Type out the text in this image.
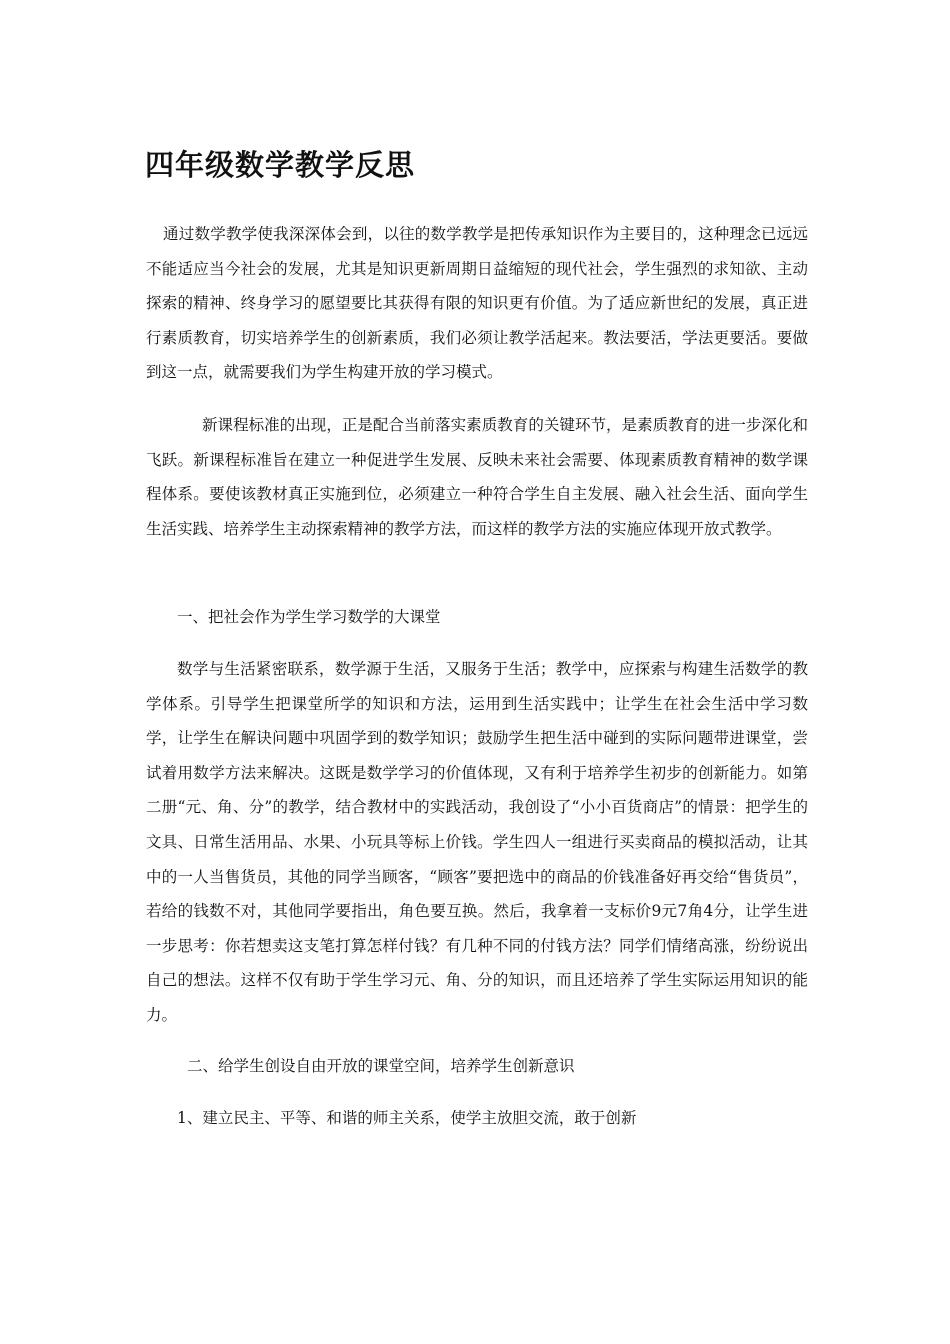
四年级数学教学反思

通过数学教学使我深深体会到，以往的数学教学是把传承知识作为主要目的，这种理念已远远不能适应当今社会的发展，尤其是知识更新周期日益缩短的现代社会，学生强烈的求知欲、主动探索的精神、终身学习的愿望要比其获得有限的知识更有价值。为了适应新世纪的发展，真正进行素质教育，切实培养学生的创新素质，我们必须让教学活起来。教法要活，学法更要活。要做到这一点，就需要我们为学生构建开放的学习模式。

新课程标准的出现，正是配合当前落实素质教育的关键环节，是素质教育的进一步深化和飞跃。新课程标准旨在建立一种促进学生发展、反映未来社会需要、体现素质教育精神的数学课程体系。要使该教材真正实施到位，必须建立一种符合学生自主发展、融入社会生活、面向学生生活实践、培养学生主动探索精神的教学方法，而这样的教学方法的实施应体现开放式教学。

一、把社会作为学生学习数学的大课堂

数学与生活紧密联系，数学源于生活，又服务于生活；教学中，应探索与构建生活数学的教学体系。引导学生把课堂所学的知识和方法，运用到生活实践中；让学生在社会生活中学习数学，让学生在解诀问题中巩固学到的数学知识；鼓励学生把生活中碰到的实际问题带进课堂，尝试着用数学方法来解决。这既是数学学习的价值体现，又有利于培养学生初步的创新能力。如第二册“元、角、分”的教学，结合教材中的实践活动，我创设了“小小百货商店”的情景：把学生的文具、日常生活用品、水果、小玩具等标上价钱。学生四人一组进行买卖商品的模拟活动，让其中的一人当售货员，其他的同学当顾客，“顾客”要把选中的商品的价钱准备好再交给“售货员”，若给的钱数不对，其他同学要指出，角色要互换。然后，我拿着一支标价9元7角4分，让学生进一步思考：你若想卖这支笔打算怎样付钱？有几种不同的付钱方法？同学们情绪高涨，纷纷说出自己的想法。这样不仅有助于学生学习元、角、分的知识，而且还培养了学生实际运用知识的能力。

二、给学生创设自由开放的课堂空间，培养学生创新意识

1、建立民主、平等、和谐的师主关系，使学主放胆交流，敢于创新
